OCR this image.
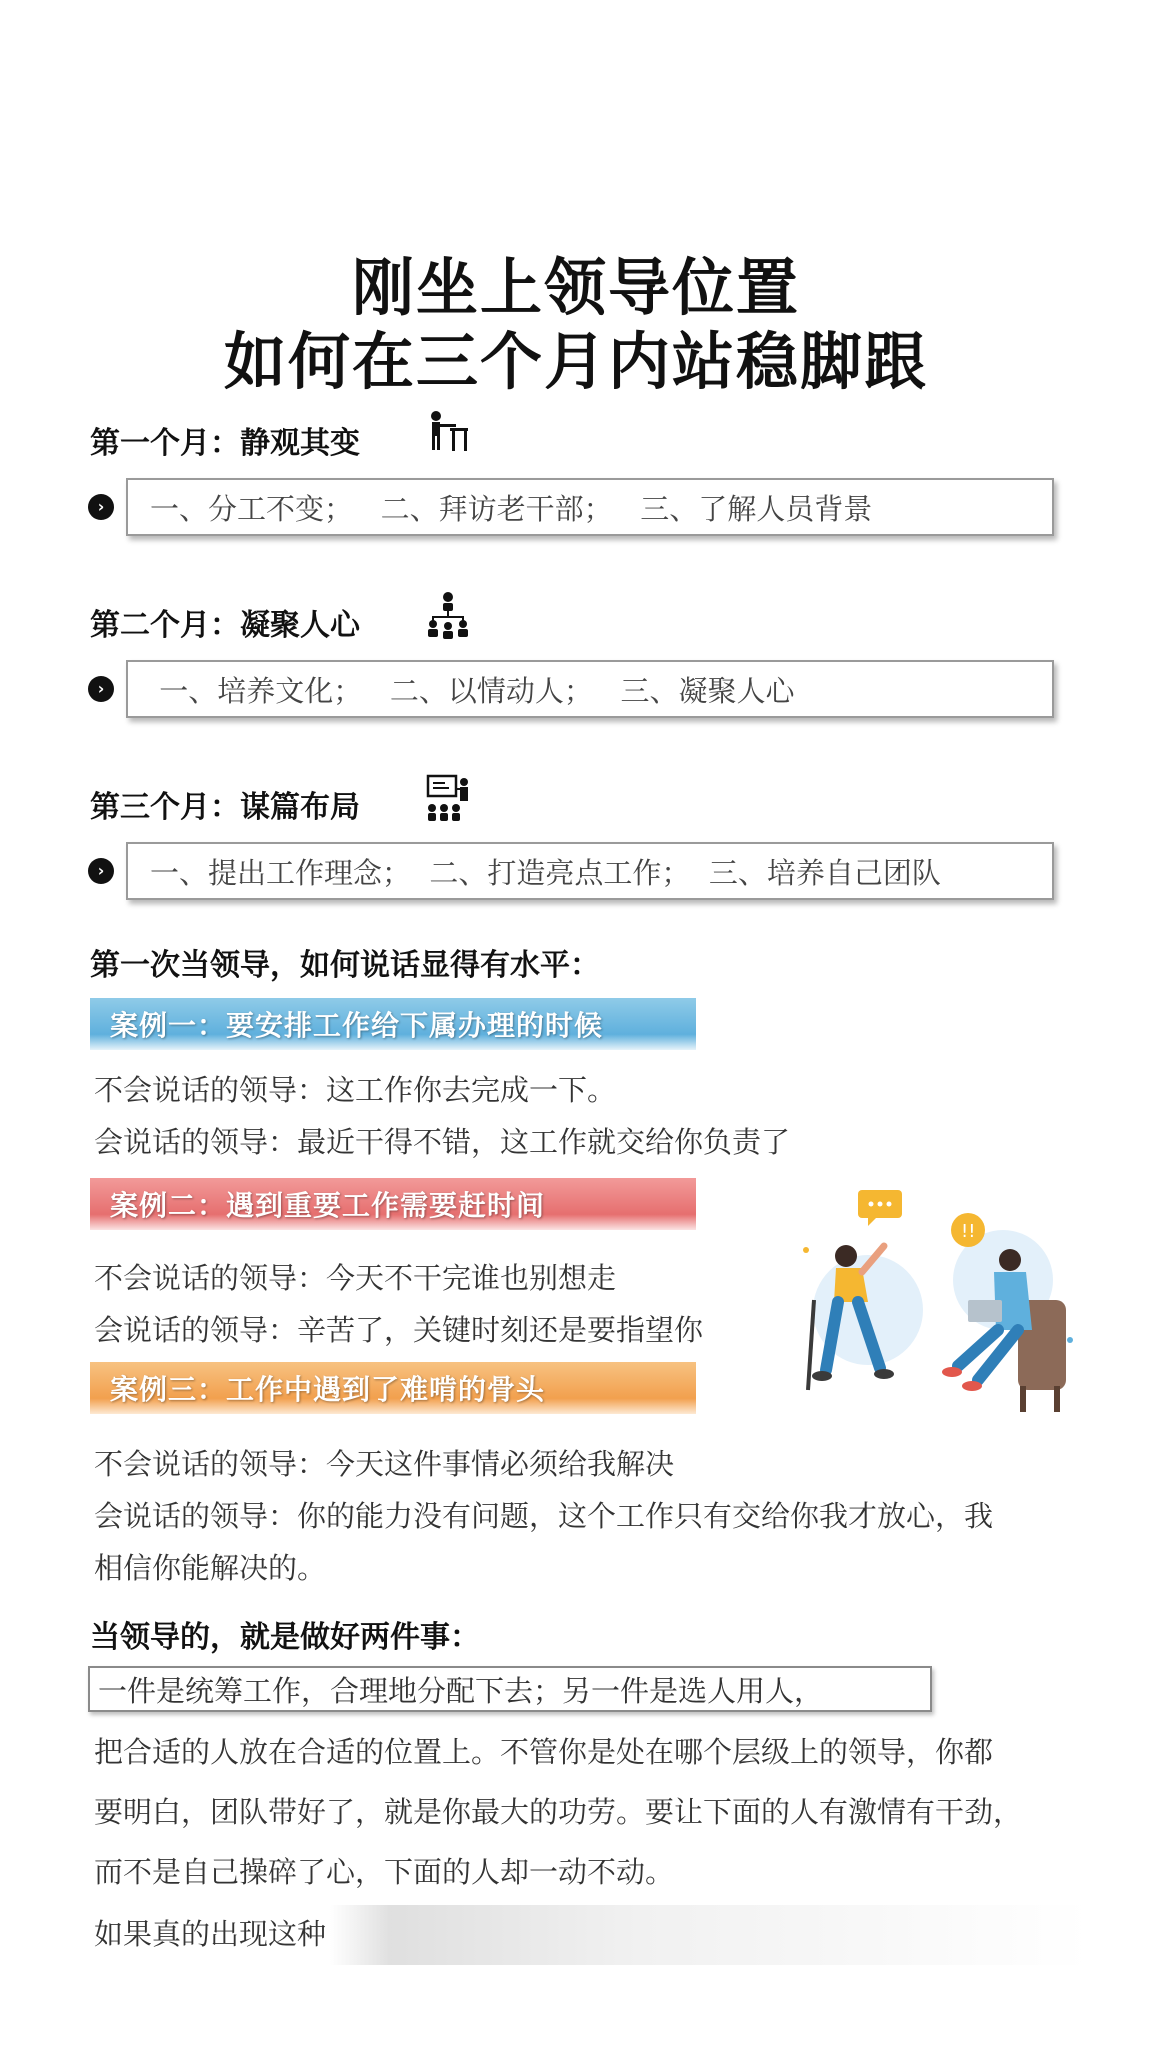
刚坐上领导位置
如何在三个月内站稳脚跟
第一个月：静观其变
›	一、分工不变；   二、拜访老干部；   三、了解人员背景
第二个月：凝聚人心
›	一、培养文化；   二、以情动人；   三、凝聚人心
第三个月：谋篇布局
›	一、提出工作理念；  二、打造亮点工作；  三、培养自己团队
第一次当领导，如何说话显得有水平：
案例一：要安排工作给下属办理的时候
不会说话的领导：这工作你去完成一下。
会说话的领导：最近干得不错，这工作就交给你负责了
案例二：遇到重要工作需要赶时间
不会说话的领导：今天不干完谁也别想走
会说话的领导：辛苦了，关键时刻还是要指望你
案例三：工作中遇到了难啃的骨头
不会说话的领导：今天这件事情必须给我解决
会说话的领导：你的能力没有问题，这个工作只有交给你我才放心，我
相信你能解决的。
!!
当领导的，就是做好两件事：
一件是统筹工作，合理地分配下去；另一件是选人用人，
把合适的人放在合适的位置上。不管你是处在哪个层级上的领导，你都
要明白，团队带好了，就是你最大的功劳。要让下面的人有激情有干劲，
而不是自己操碎了心，下面的人却一动不动。
如果真的出现这种
